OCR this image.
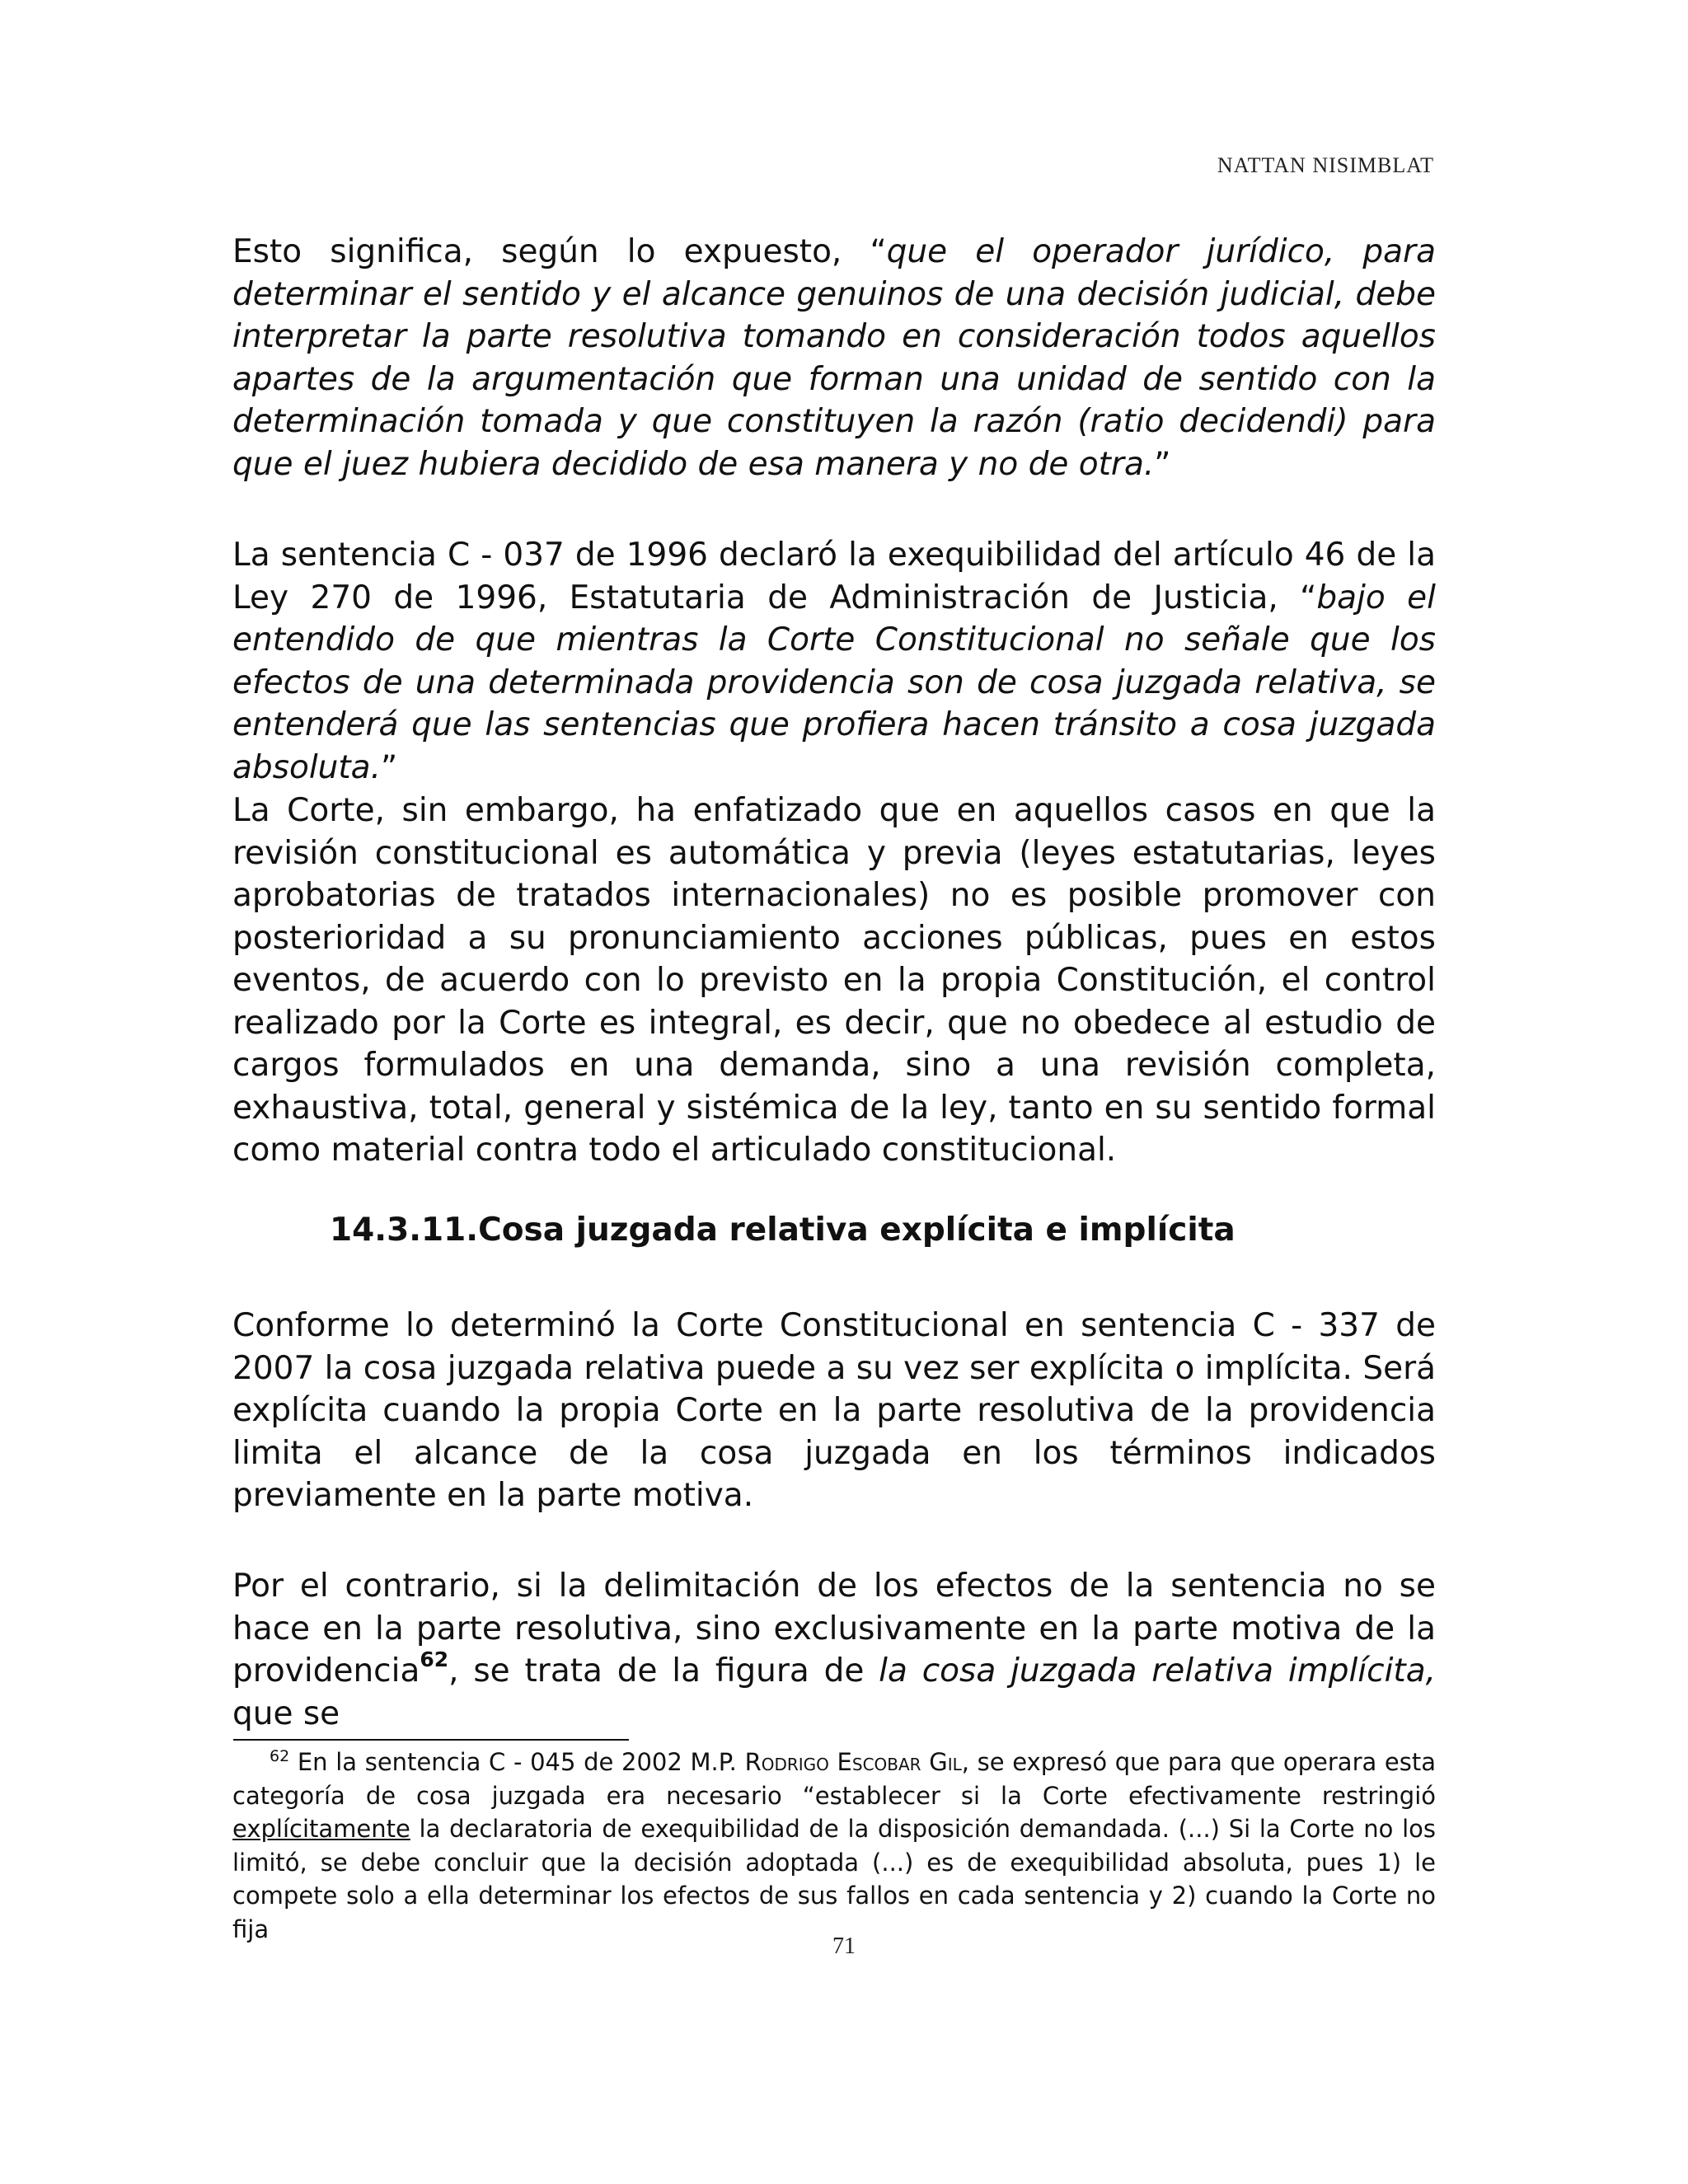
NATTAN NISIMBLAT

Esto significa, según lo expuesto, “que el operador jurídico, para determinar el sentido y el alcance genuinos de una decisión judicial, debe interpretar la parte resolutiva tomando en consideración todos aquellos apartes de la argumentación que forman una unidad de sentido con la determinación tomada y que constituyen la razón (ratio decidendi) para que el juez hubiera decidido de esa manera y no de otra.”

La sentencia C - 037 de 1996 declaró la exequibilidad del artículo 46 de la Ley 270 de 1996, Estatutaria de Administración de Justicia, “bajo el entendido de que mientras la Corte Constitucional no señale que los efectos de una determinada providencia son de cosa juzgada relativa, se entenderá que las sentencias que profiera hacen tránsito a cosa juzgada absoluta.”

La Corte, sin embargo, ha enfatizado que en aquellos casos en que la revisión constitucional es automática y previa (leyes estatutarias, leyes aprobatorias de tratados internacionales) no es posible promover con posterioridad a su pronunciamiento acciones públicas, pues en estos eventos, de acuerdo con lo previsto en la propia Constitución, el control realizado por la Corte es integral, es decir, que no obedece al estudio de cargos formulados en una demanda, sino a una revisión completa, exhaustiva, total, general y sistémica de la ley, tanto en su sentido formal como material contra todo el articulado constitucional.

14.3.11.Cosa juzgada relativa explícita e implícita

Conforme lo determinó la Corte Constitucional en sentencia C - 337 de 2007 la cosa juzgada relativa puede a su vez ser explícita o implícita. Será explícita cuando la propia Corte en la parte resolutiva de la providencia limita el alcance de la cosa juzgada en los términos indicados previamente en la parte motiva.

Por el contrario, si la delimitación de los efectos de la sentencia no se hace en la parte resolutiva, sino exclusivamente en la parte motiva de la providencia$^{62}$, se trata de la figura de la cosa juzgada relativa implícita, que se

$^{62}$ En la sentencia C - 045 de 2002 M.P. Rodrigo Escobar Gil, se expresó que para que operara esta categoría de cosa juzgada era necesario “establecer si la Corte efectivamente restringió explícitamente la declaratoria de exequibilidad de la disposición demandada. (...) Si la Corte no los limitó, se debe concluir que la decisión adoptada (...) es de exequibilidad absoluta, pues 1) le compete solo a ella determinar los efectos de sus fallos en cada sentencia y 2) cuando la Corte no fija

71
